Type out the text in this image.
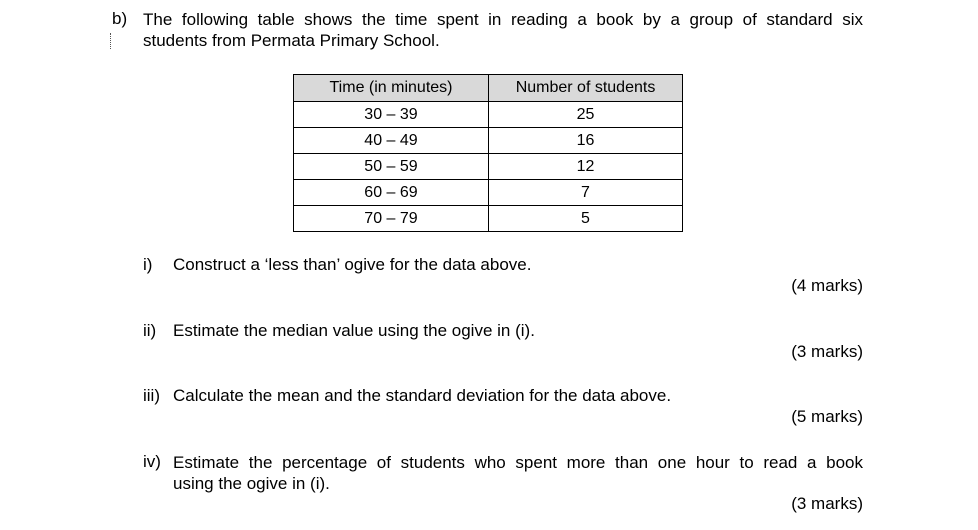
b) The following table shows the time spent in reading a book by a group of standard six
students from Permata Primary School.
Time (in minutes)	Number of students
30 – 39	25
40 – 49	16
50 – 59	12
60 – 69	7
70 – 79	5
i) Construct a ‘less than’ ogive for the data above.
(4 marks)
ii) Estimate the median value using the ogive in (i).
(3 marks)
iii) Calculate the mean and the standard deviation for the data above.
(5 marks)
iv) Estimate the percentage of students who spent more than one hour to read a book
using the ogive in (i).
(3 marks)
